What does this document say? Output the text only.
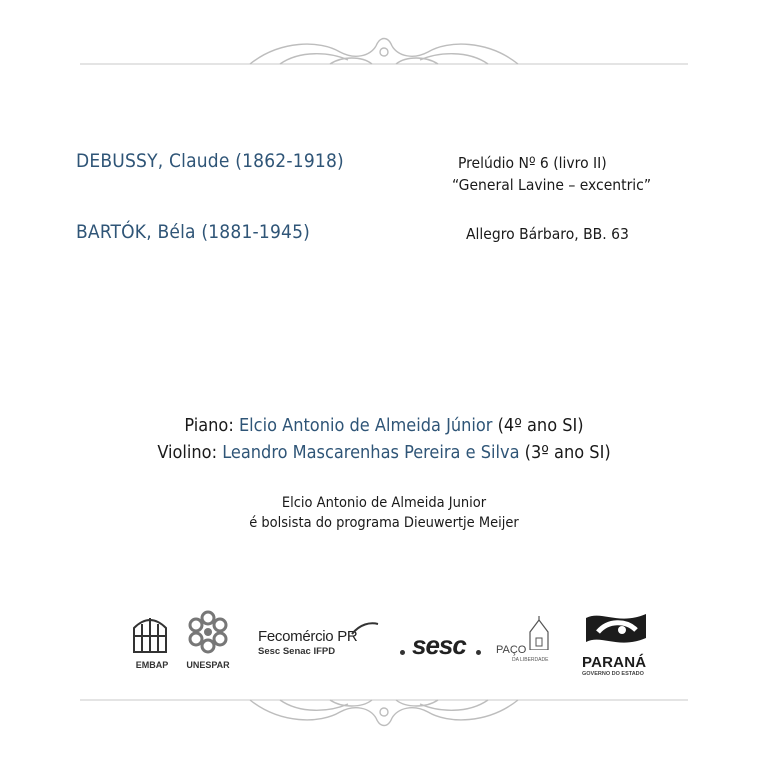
DEBUSSY, Claude (1862-1918)	Prelúdio Nº 6 (livro II)
“General Lavine – excentric”
BARTÓK, Béla (1881-1945)	Allegro Bárbaro, BB. 63
Piano: Elcio Antonio de Almeida Júnior (4º ano SI)
Violino: Leandro Mascarenhas Pereira e Silva (3º ano SI)
Elcio Antonio de Almeida Junior
é bolsista do programa Dieuwertje Meijer
EMBAP	UNESPAR
Fecomércio PR
Sesc Senac IFPD	sesc	PAÇO
DA LIBERDADE PARANÁ
GOVERNO DO ESTADO
